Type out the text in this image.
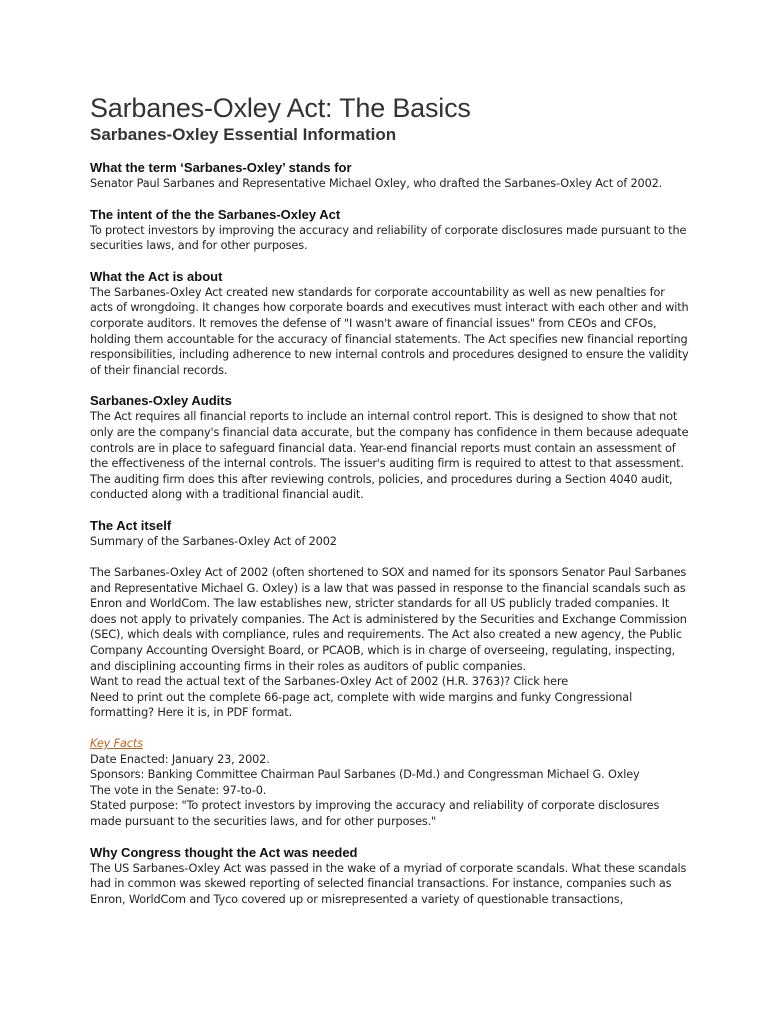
Sarbanes-Oxley Act: The Basics
Sarbanes-Oxley Essential Information
What the term ‘Sarbanes-Oxley’ stands for

Senator Paul Sarbanes and Representative Michael Oxley, who drafted the Sarbanes-Oxley Act of 2002.

The intent of the the Sarbanes-Oxley Act

To protect investors by improving the accuracy and reliability of corporate disclosures made pursuant to the securities laws, and for other purposes.

What the Act is about

The Sarbanes-Oxley Act created new standards for corporate accountability as well as new penalties for acts of wrongdoing. It changes how corporate boards and executives must interact with each other and with corporate auditors. It removes the defense of "I wasn't aware of financial issues" from CEOs and CFOs, holding them accountable for the accuracy of financial statements. The Act specifies new financial reporting responsibilities, including adherence to new internal controls and procedures designed to ensure the validity of their financial records.

Sarbanes-Oxley Audits

The Act requires all financial reports to include an internal control report. This is designed to show that not only are the company's financial data accurate, but the company has confidence in them because adequate controls are in place to safeguard financial data. Year-end financial reports must contain an assessment of the effectiveness of the internal controls. The issuer's auditing firm is required to attest to that assessment. The auditing firm does this after reviewing controls, policies, and procedures during a Section 4040 audit, conducted along with a traditional financial audit.

The Act itself

Summary of the Sarbanes-Oxley Act of 2002

The Sarbanes-Oxley Act of 2002 (often shortened to SOX and named for its sponsors Senator Paul Sarbanes and Representative Michael G. Oxley) is a law that was passed in response to the financial scandals such as Enron and WorldCom. The law establishes new, stricter standards for all US publicly traded companies. It does not apply to privately companies. The Act is administered by the Securities and Exchange Commission (SEC), which deals with compliance, rules and requirements. The Act also created a new agency, the Public Company Accounting Oversight Board, or PCAOB, which is in charge of overseeing, regulating, inspecting, and disciplining accounting firms in their roles as auditors of public companies.

Want to read the actual text of the Sarbanes-Oxley Act of 2002 (H.R. 3763)? Click here

Need to print out the complete 66-page act, complete with wide margins and funky Congressional formatting? Here it is, in PDF format.

Key Facts

Date Enacted: January 23, 2002.

Sponsors: Banking Committee Chairman Paul Sarbanes (D-Md.) and Congressman Michael G. Oxley

The vote in the Senate: 97-to-0.

Stated purpose: "To protect investors by improving the accuracy and reliability of corporate disclosures made pursuant to the securities laws, and for other purposes."

Why Congress thought the Act was needed

The US Sarbanes-Oxley Act was passed in the wake of a myriad of corporate scandals. What these scandals had in common was skewed reporting of selected financial transactions. For instance, companies such as Enron, WorldCom and Tyco covered up or misrepresented a variety of questionable transactions,
